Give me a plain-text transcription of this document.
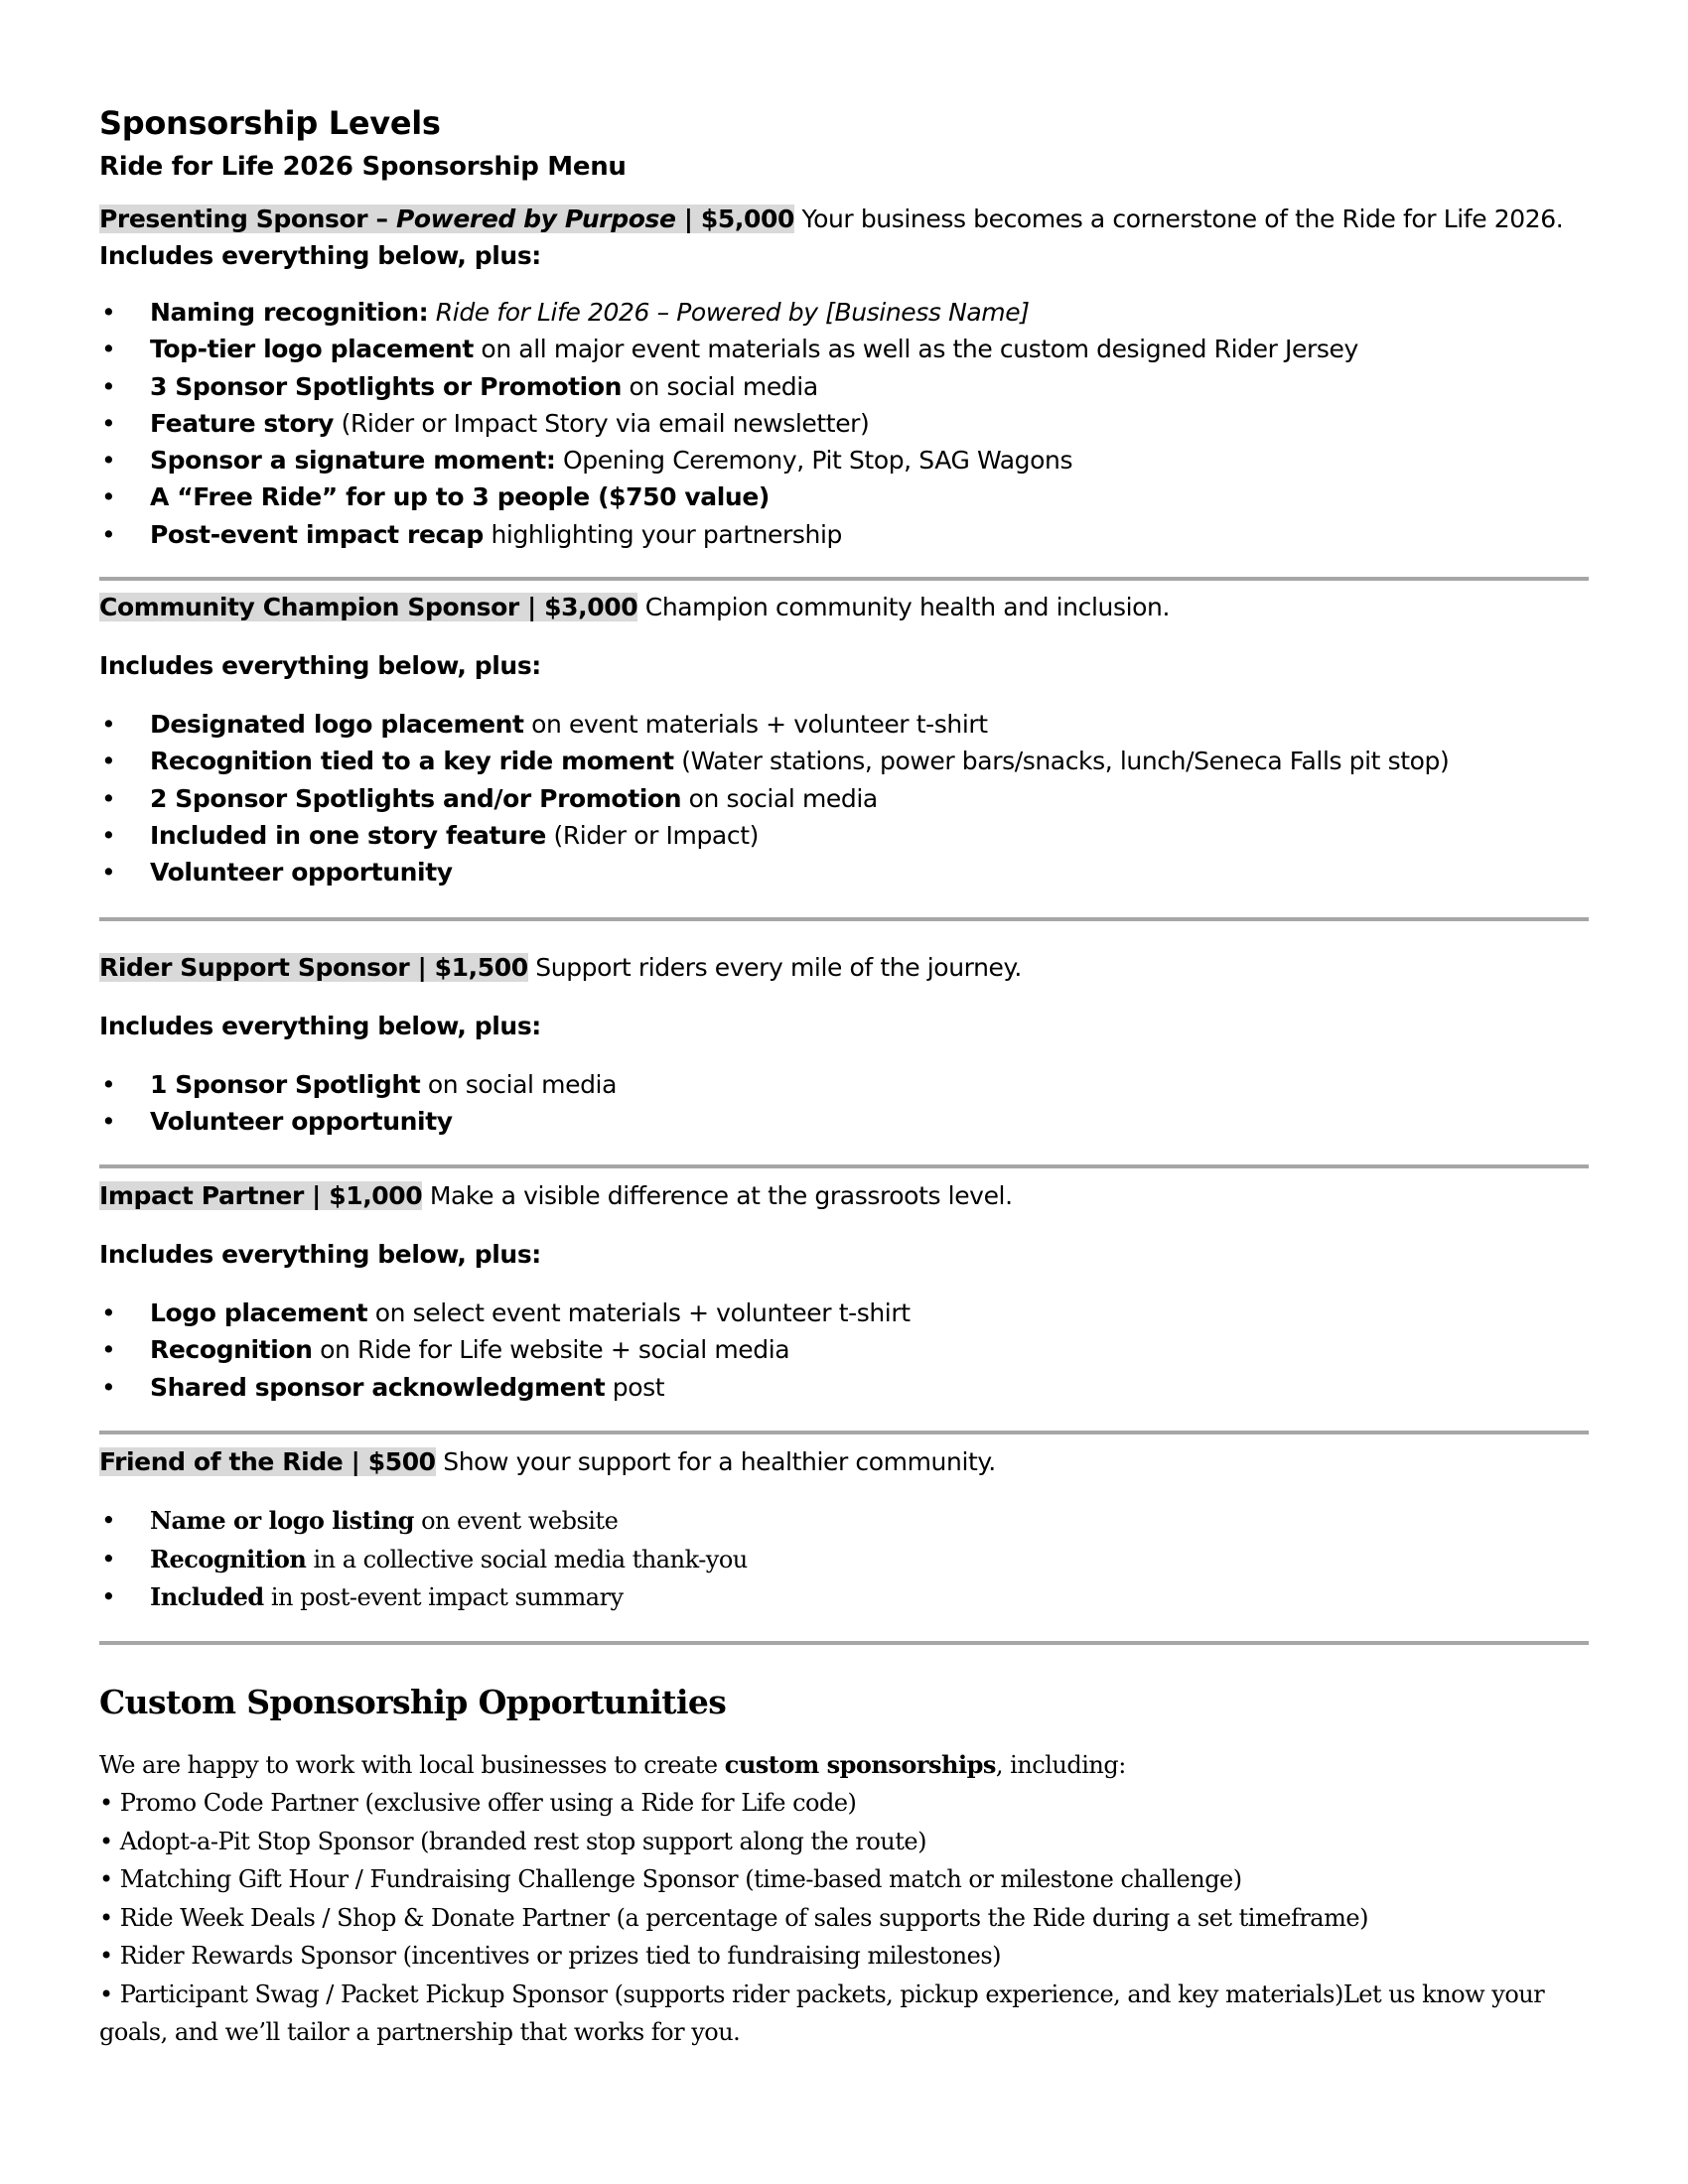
Sponsorship Levels
Ride for Life 2026 Sponsorship Menu

Presenting Sponsor – Powered by Purpose | $5,000 Your business becomes a cornerstone of the Ride for Life 2026.

Includes everything below, plus:

• Naming recognition: Ride for Life 2026 – Powered by [Business Name]
• Top-tier logo placement on all major event materials as well as the custom designed Rider Jersey
• 3 Sponsor Spotlights or Promotion on social media
• Feature story (Rider or Impact Story via email newsletter)
• Sponsor a signature moment: Opening Ceremony, Pit Stop, SAG Wagons
• A “Free Ride” for up to 3 people ($750 value)
• Post-event impact recap highlighting your partnership

Community Champion Sponsor | $3,000 Champion community health and inclusion.

Includes everything below, plus:

• Designated logo placement on event materials + volunteer t-shirt
• Recognition tied to a key ride moment (Water stations, power bars/snacks, lunch/Seneca Falls pit stop)
• 2 Sponsor Spotlights and/or Promotion on social media
• Included in one story feature (Rider or Impact)
• Volunteer opportunity

Rider Support Sponsor | $1,500 Support riders every mile of the journey.

Includes everything below, plus:

• 1 Sponsor Spotlight on social media
• Volunteer opportunity

Impact Partner | $1,000 Make a visible difference at the grassroots level.

Includes everything below, plus:

• Logo placement on select event materials + volunteer t-shirt
• Recognition on Ride for Life website + social media
• Shared sponsor acknowledgment post

Friend of the Ride | $500 Show your support for a healthier community.

• Name or logo listing on event website
• Recognition in a collective social media thank-you
• Included in post-event impact summary
Custom Sponsorship Opportunities

We are happy to work with local businesses to create custom sponsorships, including:

• Promo Code Partner (exclusive offer using a Ride for Life code)

• Adopt-a-Pit Stop Sponsor (branded rest stop support along the route)

• Matching Gift Hour / Fundraising Challenge Sponsor (time-based match or milestone challenge)

• Ride Week Deals / Shop & Donate Partner (a percentage of sales supports the Ride during a set timeframe)

• Rider Rewards Sponsor (incentives or prizes tied to fundraising milestones)

• Participant Swag / Packet Pickup Sponsor (supports rider packets, pickup experience, and key materials)Let us know your goals, and we’ll tailor a partnership that works for you.
